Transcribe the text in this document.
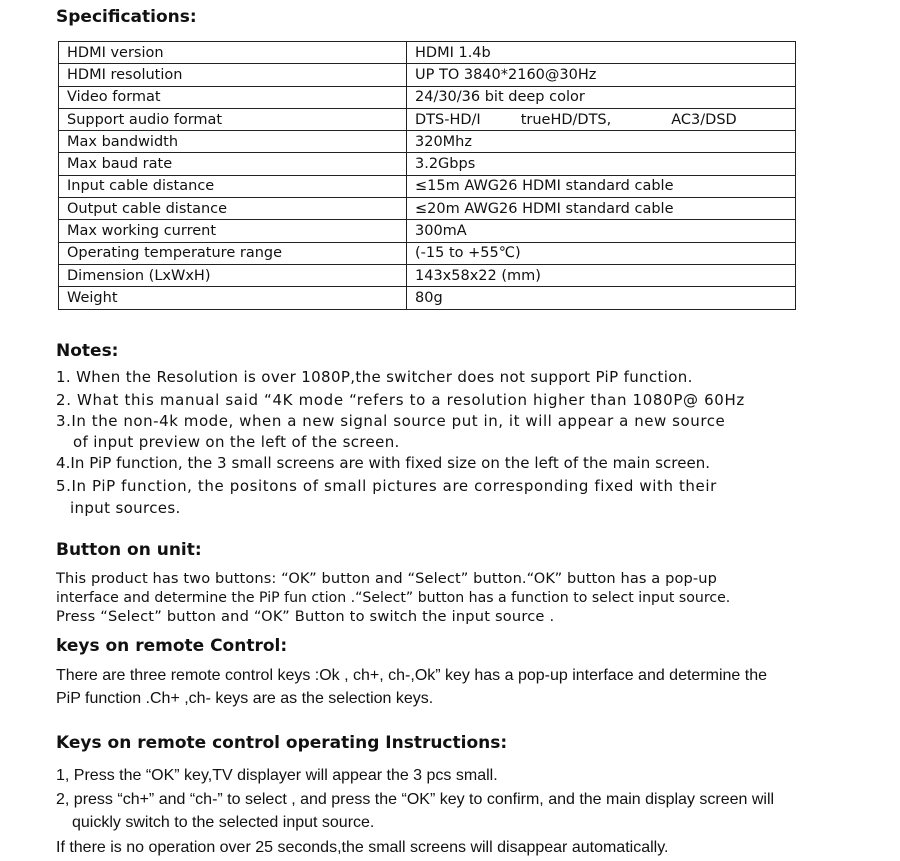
Specifications:
HDMI version	HDMI 1.4b
HDMI resolution	UP TO 3840*2160@30Hz
Video format	24/30/36 bit deep color
Support audio format	DTS-HD/I trueHD/DTS, AC3/DSD
Max bandwidth	320Mhz
Max baud rate	3.2Gbps
Input cable distance	≤15m AWG26 HDMI standard cable
Output cable distance	≤20m AWG26 HDMI standard cable
Max working current	300mA
Operating temperature range	(-15 to +55℃)
Dimension (LxWxH)	143x58x22 (mm)
Weight	80g
Notes:
1. When the Resolution is over 1080P,the switcher does not support PiP function.
2. What this manual said “4K mode “refers to a resolution higher than 1080P@ 60Hz
3.In the non-4k mode, when a new signal source put in, it will appear a new source
of input preview on the left of the screen.
4.In PiP function, the 3 small screens are with fixed size on the left of the main screen.
5.In PiP function, the positons of small pictures are corresponding fixed with their
input sources.
Button on unit:
This product has two buttons: “OK” button and “Select” button.“OK” button has a pop-up
interface and determine the PiP fun ction .“Select” button has a function to select input source.
Press “Select” button and “OK” Button to switch the input source .
keys on remote Control:
There are three remote control keys :Ok , ch+, ch-,Ok” key has a pop-up interface and determine the
PiP function .Ch+ ,ch- keys are as the selection keys.
Keys on remote control operating Instructions:
1, Press the “OK” key,TV displayer will appear the 3 pcs small.
2, press “ch+” and “ch-” to select , and press the “OK” key to confirm, and the main display screen will
quickly switch to the selected input source.
If there is no operation over 25 seconds,the small screens will disappear automatically.
